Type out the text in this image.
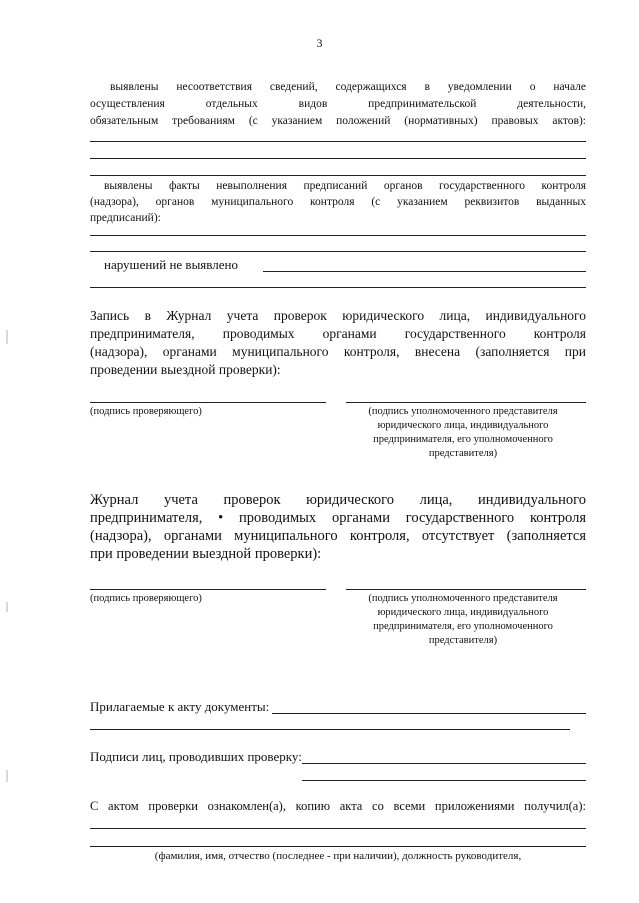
3
выявлены несоответствия сведений, содержащихся в уведомлении о начале
осуществления отдельных видов предпринимательской деятельности,
обязательным требованиям (с указанием положений (нормативных) правовых актов):
выявлены факты невыполнения предписаний органов государственного контроля
(надзора), органов муниципального контроля (с указанием реквизитов выданных
предписаний):
нарушений не выявлено
Запись в Журнал учета проверок юридического лица, индивидуального
предпринимателя, проводимых органами государственного контроля
(надзора), органами муниципального контроля, внесена (заполняется при
проведении выездной проверки):
(подпись проверяющего)	(подпись уполномоченного представителя
юридического лица, индивидуального
предпринимателя, его уполномоченного
представителя)
Журнал учета проверок юридического лица, индивидуального
предпринимателя, • проводимых органами государственного контроля
(надзора), органами муниципального контроля, отсутствует (заполняется
при проведении выездной проверки):
(подпись проверяющего)	(подпись уполномоченного представителя
юридического лица, индивидуального
предпринимателя, его уполномоченного
представителя)
Прилагаемые к акту документы:
Подписи лиц, проводивших проверку:
С актом проверки ознакомлен(а), копию акта со всеми приложениями получил(а):
(фамилия, имя, отчество (последнее - при наличии), должность руководителя,
